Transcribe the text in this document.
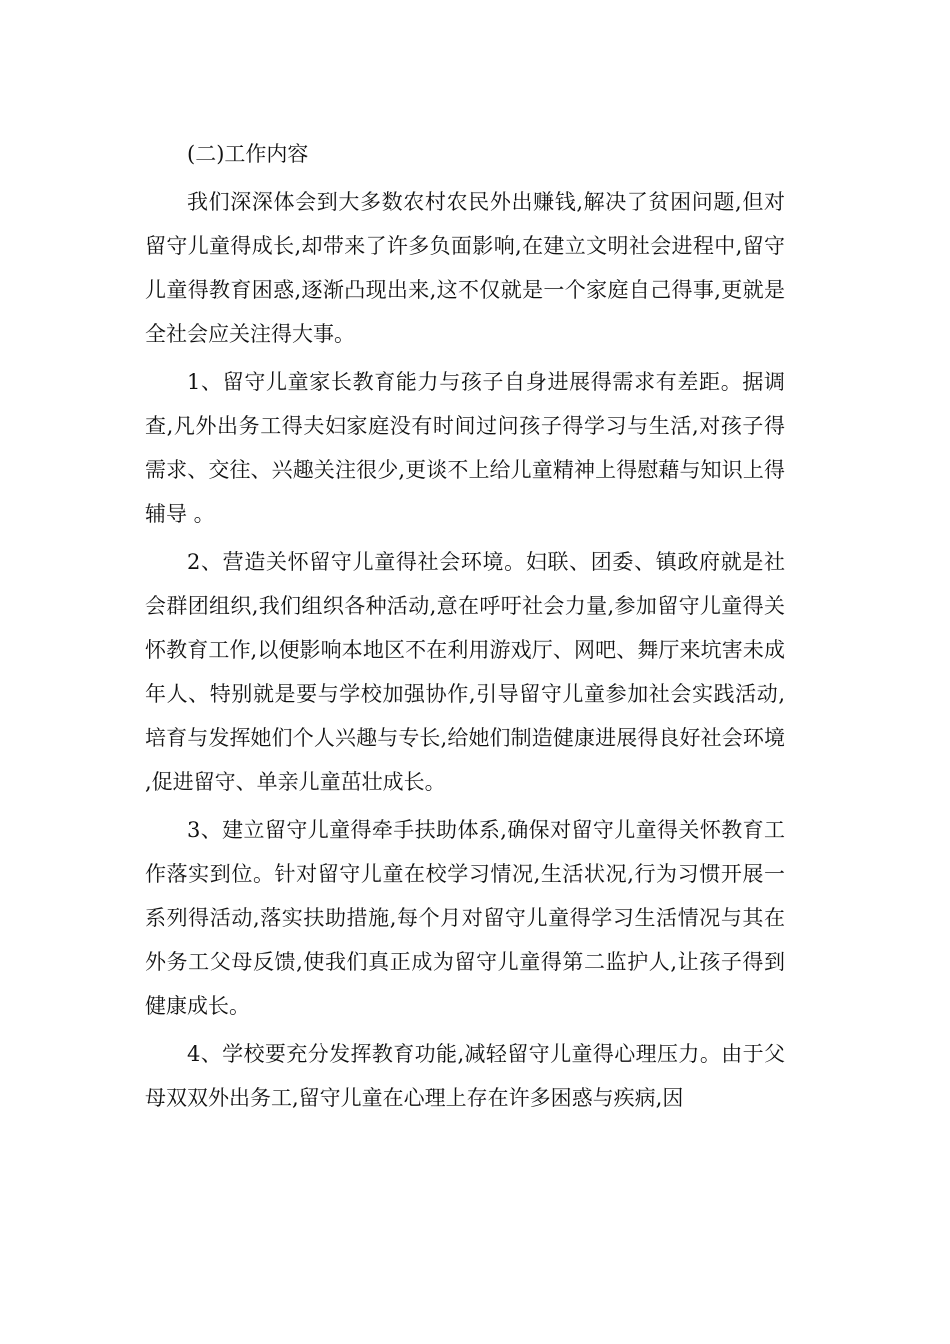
(二)工作内容

我们深深体会到大多数农村农民外出赚钱,解决了贫困问题,但对留守儿童得成长,却带来了许多负面影响,在建立文明社会进程中,留守儿童得教育困惑,逐渐凸现出来,这不仅就是一个家庭自己得事,更就是全社会应关注得大事。

1、留守儿童家长教育能力与孩子自身进展得需求有差距。据调查,凡外出务工得夫妇家庭没有时间过问孩子得学习与生活,对孩子得需求、交往、兴趣关注很少,更谈不上给儿童精神上得慰藉与知识上得辅导 。

2、营造关怀留守儿童得社会环境。妇联、团委、镇政府就是社会群团组织,我们组织各种活动,意在呼吁社会力量,参加留守儿童得关怀教育工作,以便影响本地区不在利用游戏厅、网吧、舞厅来坑害未成年人、特别就是要与学校加强协作,引导留守儿童参加社会实践活动,培育与发挥她们个人兴趣与专长,给她们制造健康进展得良好社会环境,促进留守、单亲儿童茁壮成长。

3、建立留守儿童得牵手扶助体系,确保对留守儿童得关怀教育工作落实到位。针对留守儿童在校学习情况,生活状况,行为习惯开展一系列得活动,落实扶助措施,每个月对留守儿童得学习生活情况与其在外务工父母反馈,使我们真正成为留守儿童得第二监护人,让孩子得到健康成长。

4、学校要充分发挥教育功能,减轻留守儿童得心理压力。由于父母双双外出务工,留守儿童在心理上存在许多困惑与疾病,因
